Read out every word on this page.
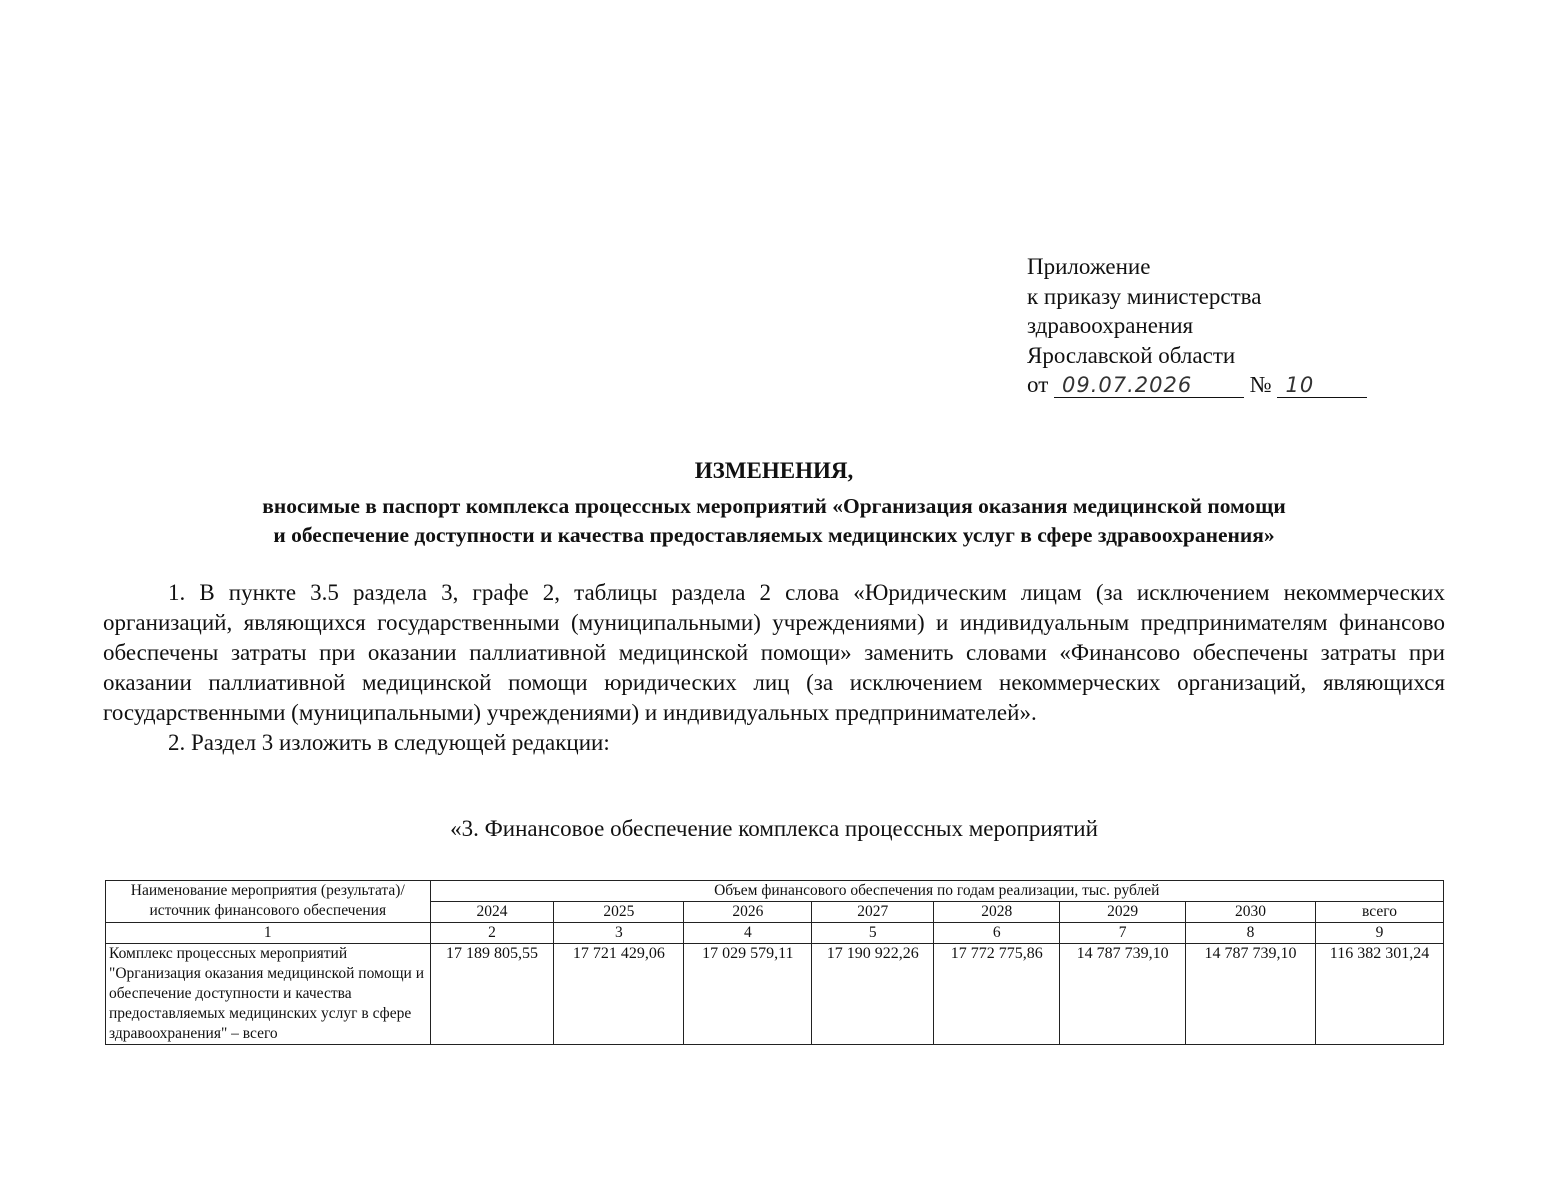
Приложение
к приказу министерства
здравоохранения
Ярославской области
от 09.07.2026	№ 10
ИЗМЕНЕНИЯ,
вносимые в паспорт комплекса процессных мероприятий «Организация оказания медицинской помощи
и обеспечение доступности и качества предоставляемых медицинских услуг в сфере здравоохранения»

1. В пункте 3.5 раздела 3, графе 2, таблицы раздела 2 слова «Юридическим лицам (за исключением некоммерческих организаций, являющихся государственными (муниципальными) учреждениями) и индивидуальным предпринимателям финансово обеспечены затраты при оказании паллиативной медицинской помощи» заменить словами «Финансово обеспечены затраты при оказании паллиативной медицинской помощи юридических лиц (за исключением некоммерческих организаций, являющихся государственными (муниципальными) учреждениями) и индивидуальных предпринимателей».

2. Раздел 3 изложить в следующей редакции:

«3. Финансовое обеспечение комплекса процессных мероприятий
Наименование мероприятия (результата)/ источник финансового обеспечения	Объем финансового обеспечения по годам реализации, тыс. рублей							
	2024	2025	2026	2027	2028	2029	2030	всего
1	2	3	4	5	6	7	8	9
Комплекс процессных мероприятий "Организация оказания медицинской помощи и обеспечение доступности и качества предоставляемых медицинских услуг в сфере здравоохранения" – всего	17 189 805,55	17 721 429,06	17 029 579,11	17 190 922,26	17 772 775,86	14 787 739,10	14 787 739,10	116 382 301,24
